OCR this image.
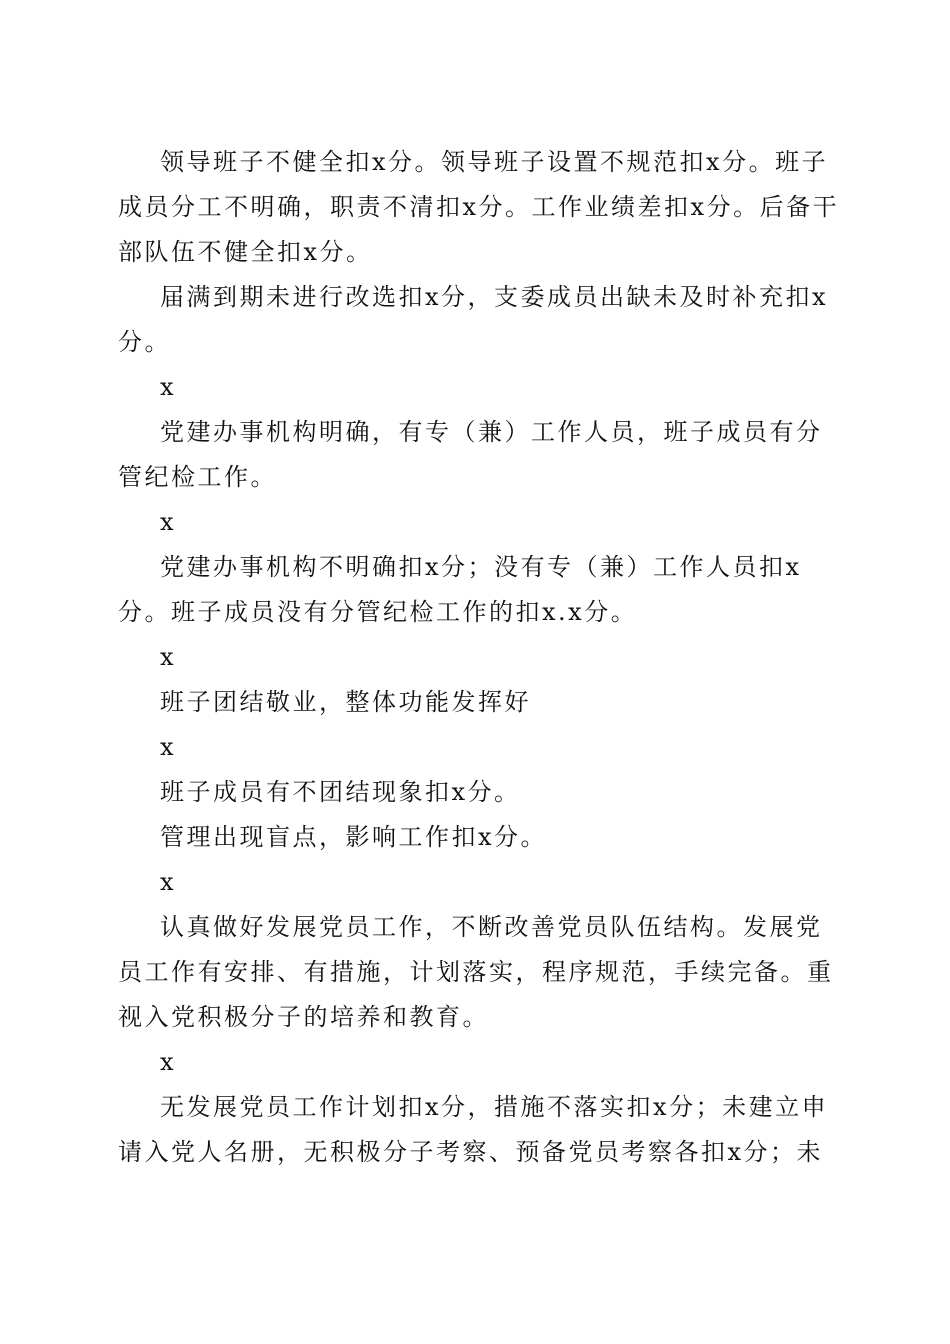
领导班子不健全扣x分。领导班子设置不规范扣x分。班子成员分工不明确，职责不清扣x分。工作业绩差扣x分。后备干部队伍不健全扣x分。

届满到期未进行改选扣x分，支委成员出缺未及时补充扣x分。

x

党建办事机构明确，有专（兼）工作人员，班子成员有分管纪检工作。

x

党建办事机构不明确扣x分；没有专（兼）工作人员扣x分。班子成员没有分管纪检工作的扣x.x分。

x

班子团结敬业，整体功能发挥好

x

班子成员有不团结现象扣x分。

管理出现盲点，影响工作扣x分。

x

认真做好发展党员工作，不断改善党员队伍结构。发展党员工作有安排、有措施，计划落实，程序规范，手续完备。重视入党积极分子的培养和教育。

x

无发展党员工作计划扣x分，措施不落实扣x分；未建立申请入党人名册，无积极分子考察、预备党员考察各扣x分；未
